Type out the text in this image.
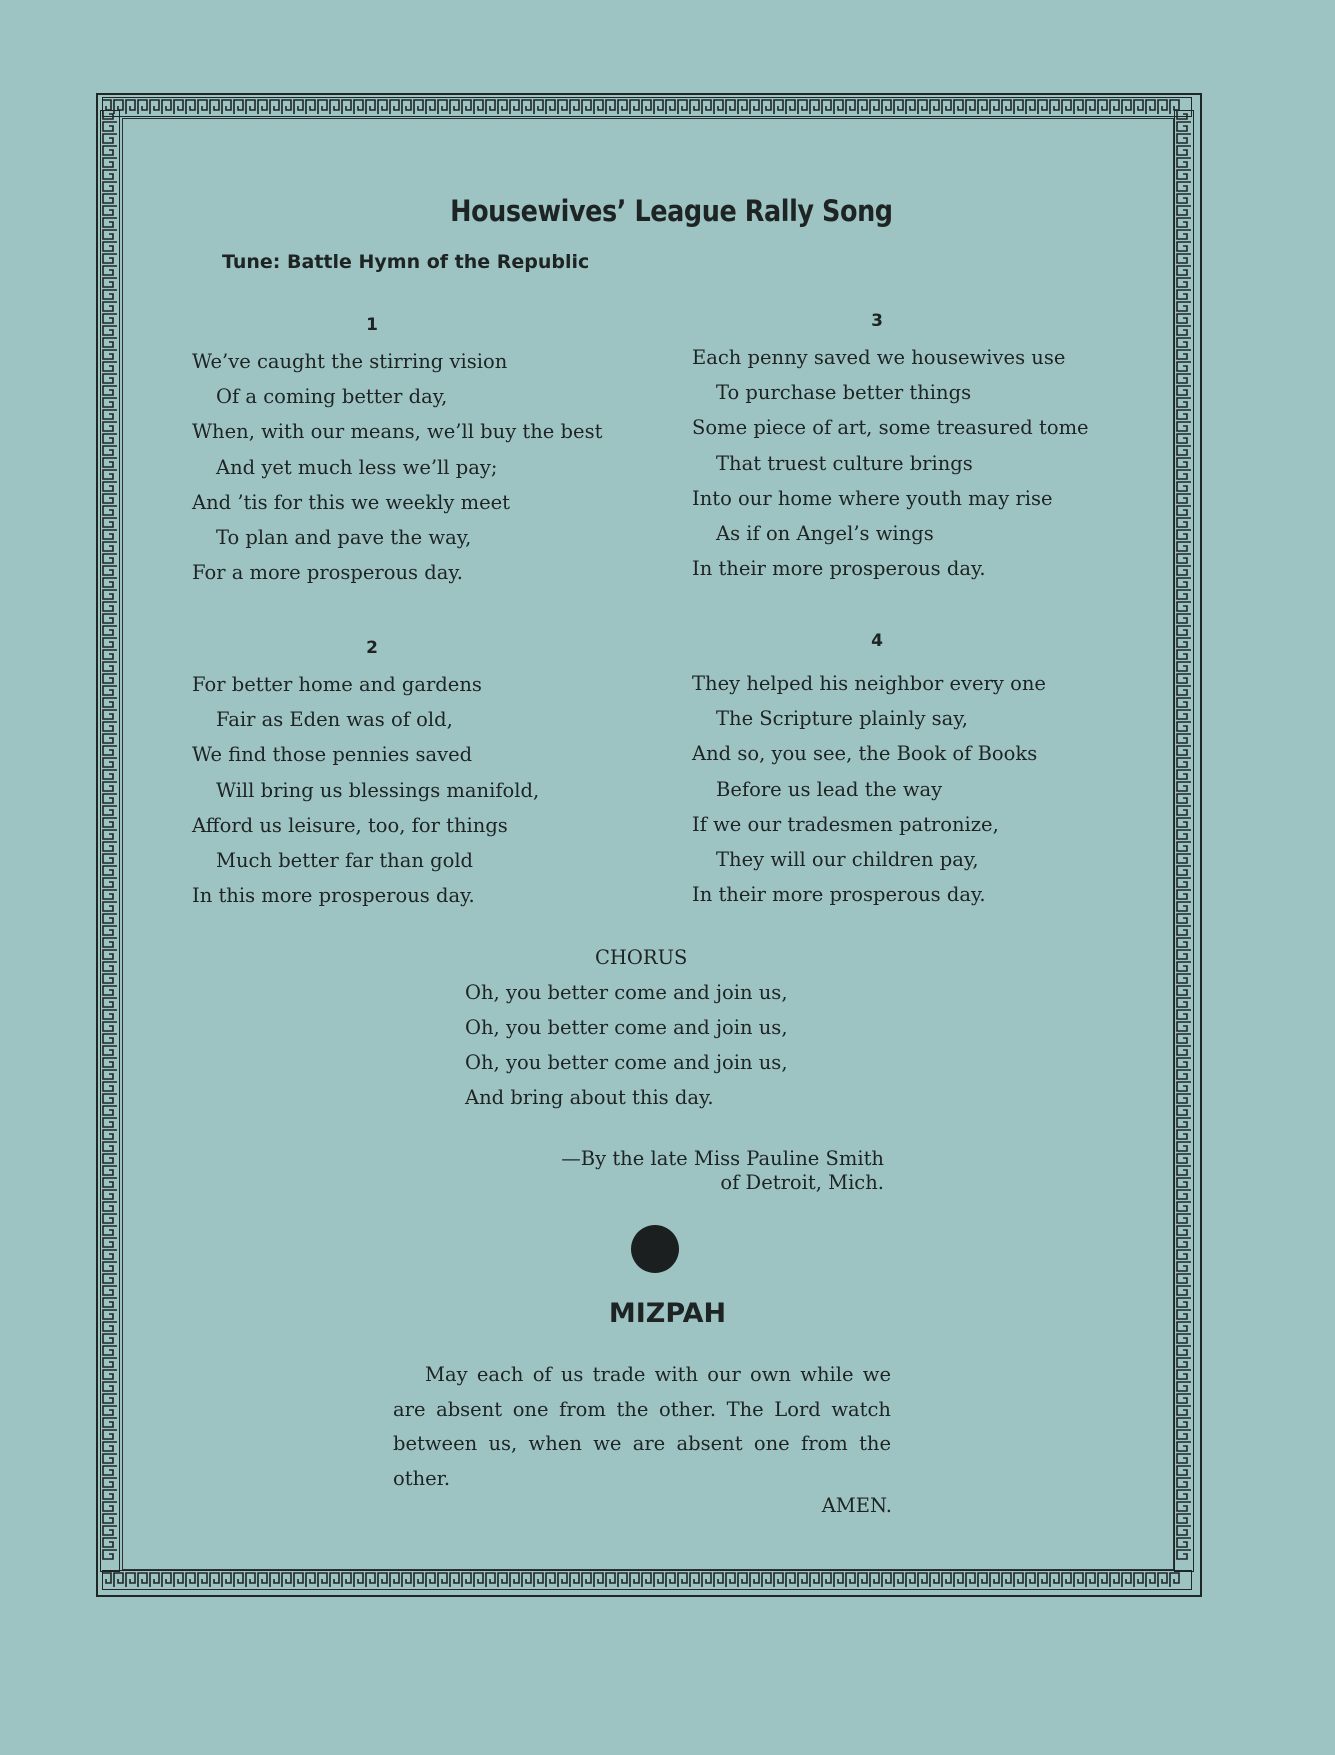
Housewives’ League Rally Song
Tune: Battle Hymn of the Republic
1
We’ve caught the stirring vision
Of a coming better day,
When, with our means, we’ll buy the best
And yet much less we’ll pay;
And ’tis for this we weekly meet
To plan and pave the way,
For a more prosperous day.
2
For better home and gardens
Fair as Eden was of old,
We find those pennies saved
Will bring us blessings manifold,
Afford us leisure, too, for things
Much better far than gold
In this more prosperous day.
3
Each penny saved we housewives use
To purchase better things
Some piece of art, some treasured tome
That truest culture brings
Into our home where youth may rise
As if on Angel’s wings
In their more prosperous day.
4
They helped his neighbor every one
The Scripture plainly say,
And so, you see, the Book of Books
Before us lead the way
If we our tradesmen patronize,
They will our children pay,
In their more prosperous day.
CHORUS
Oh, you better come and join us,
Oh, you better come and join us,
Oh, you better come and join us,
And bring about this day.
—By the late Miss Pauline Smith
of Detroit, Mich.
MIZPAH
May each of us trade with our own while we are absent one from the other. The Lord watch between us, when we are absent one from the other.
AMEN.
